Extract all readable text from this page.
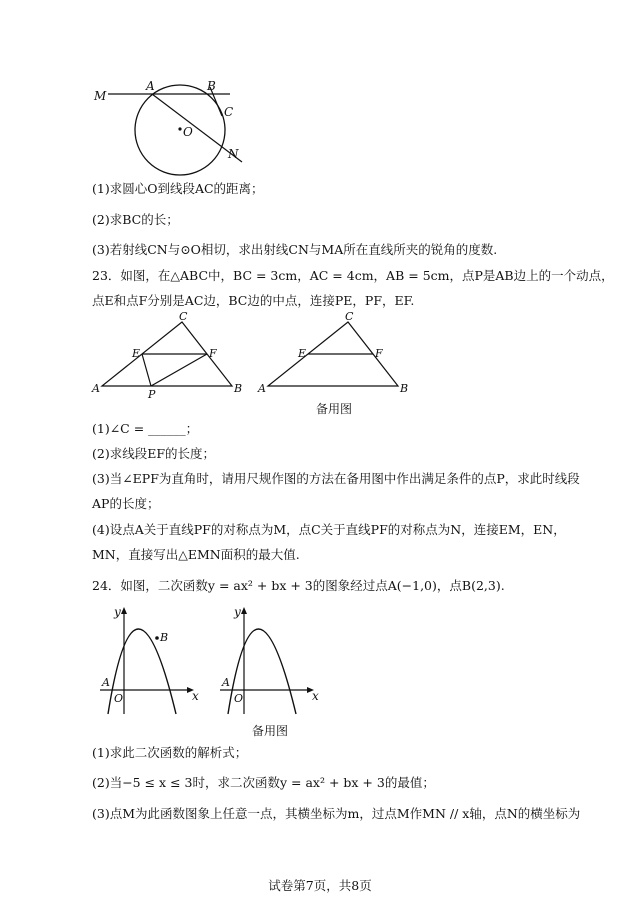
M
A	B
C
O
N
(1)求圆心O到线段AC的距离；
(2)求BC的长；
(3)若射线CN与⊙O相切，求出射线CN与MA所在直线所夹的锐角的度数.
23．如图，在△ABC中，BC = 3cm，AC = 4cm，AB = 5cm，点P是AB边上的一个动点，
点E和点F分别是AC边，BC边的中点，连接PE，PF，EF.
C
E	F
A	P	B
C
E	F
A	B
备用图
(1)∠C = ______；
(2)求线段EF的长度；
(3)当∠EPF为直角时，请用尺规作图的方法在备用图中作出满足条件的点P，求此时线段
AP的长度；
(4)设点A关于直线PF的对称点为M，点C关于直线PF的对称点为N，连接EM，EN，
MN，直接写出△EMN面积的最大值.
24．如图，二次函数y = ax² + bx + 3的图象经过点A(−1,0)，点B(2,3).
y
B
A
O	x
y
A
O	x
备用图
(1)求此二次函数的解析式；
(2)当−5 ≤ x ≤ 3时，求二次函数y = ax² + bx + 3的最值；
(3)点M为此函数图象上任意一点，其横坐标为m，过点M作MN // x轴，点N的横坐标为
试卷第7页，共8页
